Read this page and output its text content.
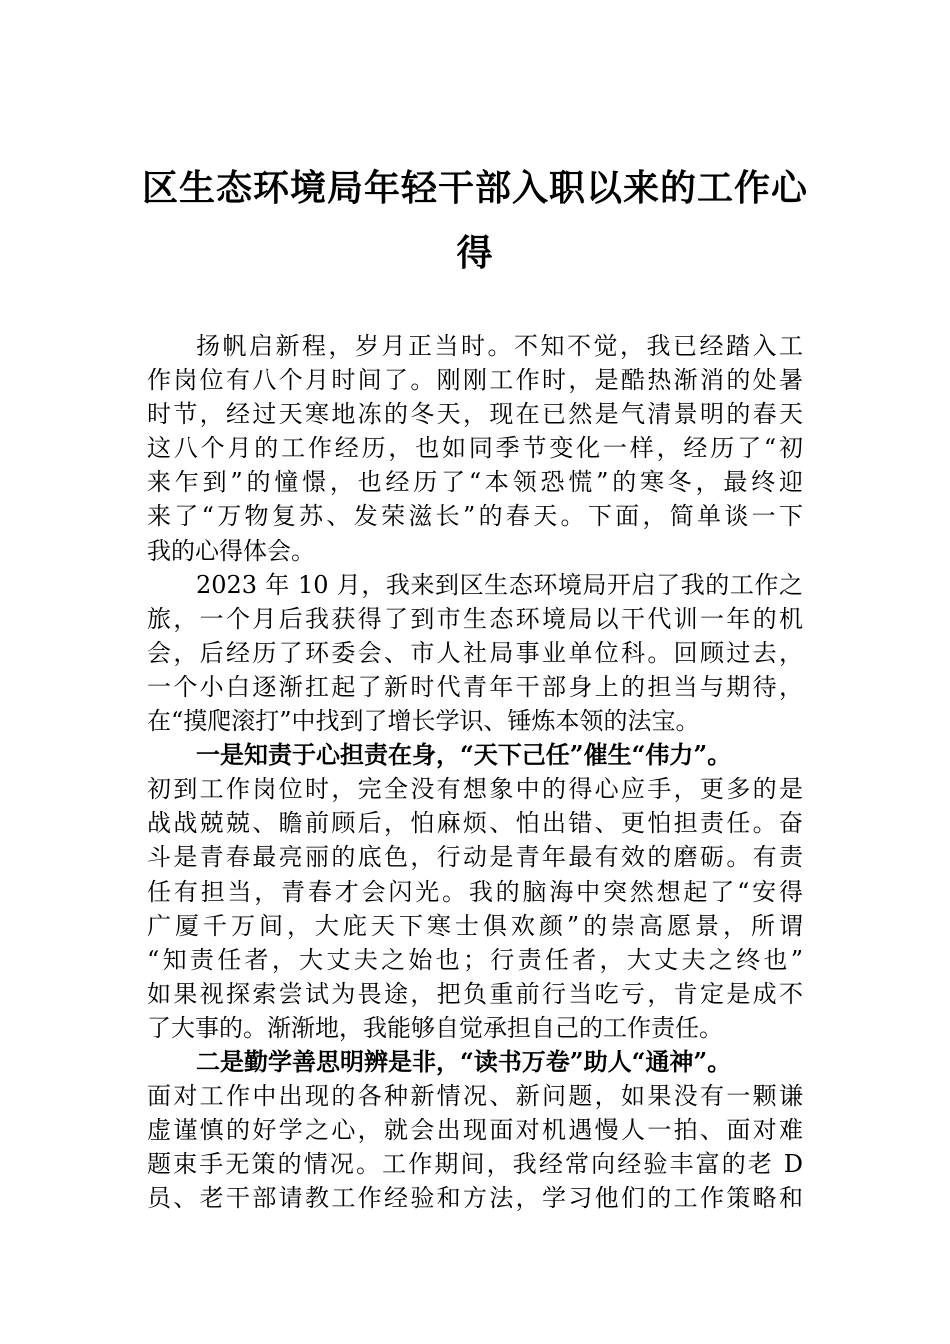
区生态环境局年轻干部入职以来的工作心
得
扬帆启新程，岁月正当时。不知不觉，我已经踏入工
作岗位有八个月时间了。刚刚工作时，是酷热渐消的处暑
时节，经过天寒地冻的冬天，现在已然是气清景明的春天
这八个月的工作经历，也如同季节变化一样，经历了“初
来乍到”的憧憬，也经历了“本领恐慌”的寒冬，最终迎
来了“万物复苏、发荣滋长”的春天。下面，简单谈一下
我的心得体会。
2023 年 10 月，我来到区生态环境局开启了我的工作之
旅，一个月后我获得了到市生态环境局以干代训一年的机
会，后经历了环委会、市人社局事业单位科。回顾过去，
一个小白逐渐扛起了新时代青年干部身上的担当与期待，
在“摸爬滚打”中找到了增长学识、锤炼本领的法宝。
一是知责于心担责在身，“天下己任”催生“伟力”。
初到工作岗位时，完全没有想象中的得心应手，更多的是
战战兢兢、瞻前顾后，怕麻烦、怕出错、更怕担责任。奋
斗是青春最亮丽的底色，行动是青年最有效的磨砺。有责
任有担当，青春才会闪光。我的脑海中突然想起了“安得
广厦千万间，大庇天下寒士俱欢颜”的崇高愿景，所谓
“知责任者，大丈夫之始也；行责任者，大丈夫之终也”
如果视探索尝试为畏途，把负重前行当吃亏，肯定是成不
了大事的。渐渐地，我能够自觉承担自己的工作责任。
二是勤学善思明辨是非，“读书万卷”助人“通神”。
面对工作中出现的各种新情况、新问题，如果没有一颗谦
虚谨慎的好学之心，就会出现面对机遇慢人一拍、面对难
题束手无策的情况。工作期间，我经常向经验丰富的老 D
员、老干部请教工作经验和方法，学习他们的工作策略和
